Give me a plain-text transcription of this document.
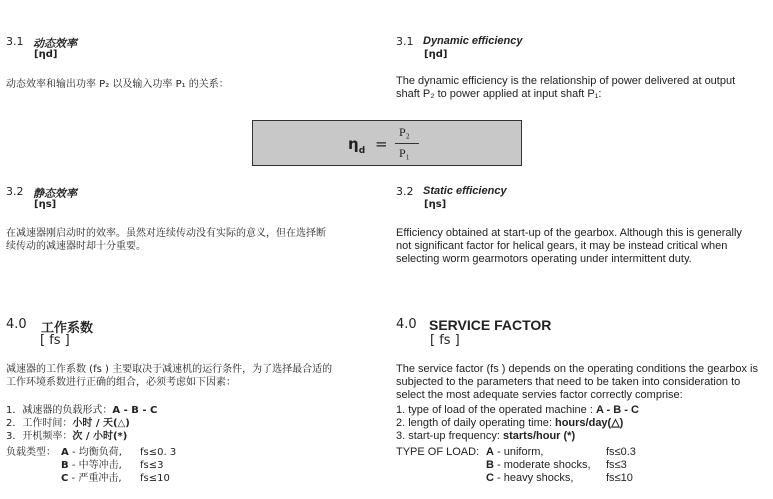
3.1 动态效率
[ηd]
动态效率和输出功率 P₂ 以及输入功率 P₁ 的关系：
3.2 静态效率
[ηs]
在减速器刚启动时的效率。虽然对连续传动没有实际的意义，但在选择断
续传动的减速器时却十分重要。
4.0 工作系数
[ fs ]
减速器的工作系数 (fs ) 主要取决于减速机的运行条件，为了选择最合适的
工作环境系数进行正确的组合，必须考虑如下因素：
1．减速器的负载形式：A - B - C
2．工作时间：小时 / 天(△)
3．开机频率：次 / 小时(*)
负载类型： A - 均衡负荷, fs≤0. 3
B - 中等冲击, fs≤3
C - 严重冲击, fs≤10
$\eta_d$ =
P₂
P₁
3.1 Dynamic efficiency
[ηd]
The dynamic efficiency is the relationship of power delivered at output
shaft P₂ to power applied at input shaft P₁:
3.2 Static efficiency
[ηs]
Efficiency obtained at start-up of the gearbox. Although this is generally
not significant factor for helical gears, it may be instead critical when
selecting worm gearmotors operating under intermittent duty.
4.0 SERVICE FACTOR
[ fs ]
The service factor (fs ) depends on the operating conditions the gearbox is
subjected to the parameters that need to be taken into consideration to
select the most adequate servies factor correctly comprise:
1. type of load of the operated machine : A - B - C
2. length of daily operating time: hours/day(△)
3. start-up frequency: starts/hour (*)
TYPE OF LOAD: A - uniform,	fs≤0.3
B - moderate shocks, fs≤3
C - heavy shocks,	fs≤10
